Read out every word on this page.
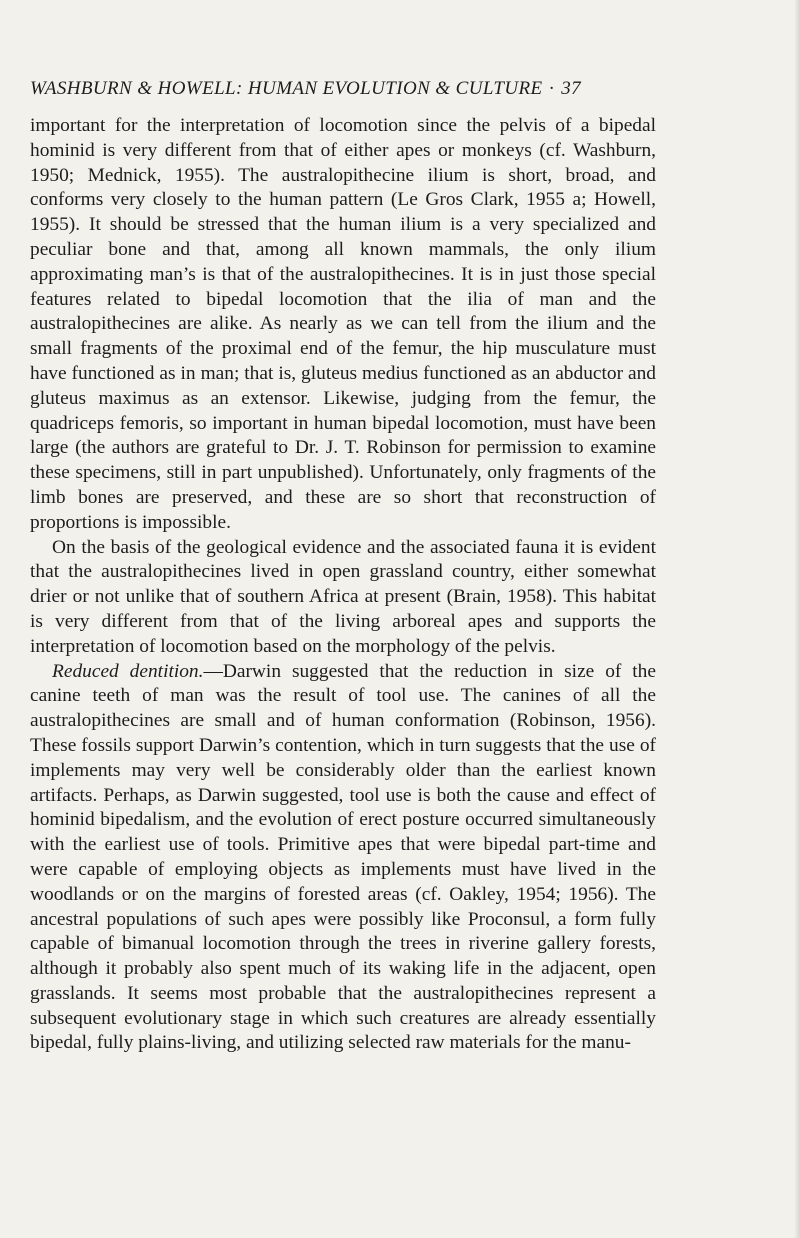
WASHBURN & HOWELL: HUMAN EVOLUTION & CULTURE · 37

important for the interpretation of locomotion since the pelvis of a bipedal hominid is very different from that of either apes or monkeys (cf. Washburn, 1950; Mednick, 1955). The australopithecine ilium is short, broad, and conforms very closely to the human pattern (Le Gros Clark, 1955 a; Howell, 1955). It should be stressed that the human ilium is a very specialized and peculiar bone and that, among all known mammals, the only ilium approximating man’s is that of the australopithecines. It is in just those special features related to bipedal locomotion that the ilia of man and the australopithecines are alike. As nearly as we can tell from the ilium and the small fragments of the proximal end of the femur, the hip musculature must have functioned as in man; that is, gluteus medius functioned as an abductor and gluteus maximus as an extensor. Likewise, judging from the femur, the quadriceps femoris, so important in human bipedal locomotion, must have been large (the authors are grateful to Dr. J. T. Robinson for permission to examine these specimens, still in part unpublished). Unfortunately, only fragments of the limb bones are preserved, and these are so short that reconstruction of proportions is impossible.

On the basis of the geological evidence and the associated fauna it is evident that the australopithecines lived in open grassland country, either somewhat drier or not unlike that of southern Africa at present (Brain, 1958). This habitat is very different from that of the living arboreal apes and supports the interpretation of locomotion based on the morphology of the pelvis.

Reduced dentition.—Darwin suggested that the reduction in size of the canine teeth of man was the result of tool use. The canines of all the australopithecines are small and of human conformation (Robinson, 1956). These fossils support Darwin’s contention, which in turn suggests that the use of implements may very well be considerably older than the earliest known artifacts. Perhaps, as Darwin suggested, tool use is both the cause and effect of hominid bipedalism, and the evolution of erect posture occurred simultaneously with the earliest use of tools. Primitive apes that were bipedal part-time and were capable of employing objects as implements must have lived in the woodlands or on the margins of forested areas (cf. Oakley, 1954; 1956). The ancestral populations of such apes were possibly like Proconsul, a form fully capable of bimanual locomotion through the trees in riverine gallery forests, although it probably also spent much of its waking life in the adjacent, open grasslands. It seems most probable that the australopithecines represent a subsequent evolutionary stage in which such creatures are already essentially bipedal, fully plains-living, and utilizing selected raw materials for the manu-
